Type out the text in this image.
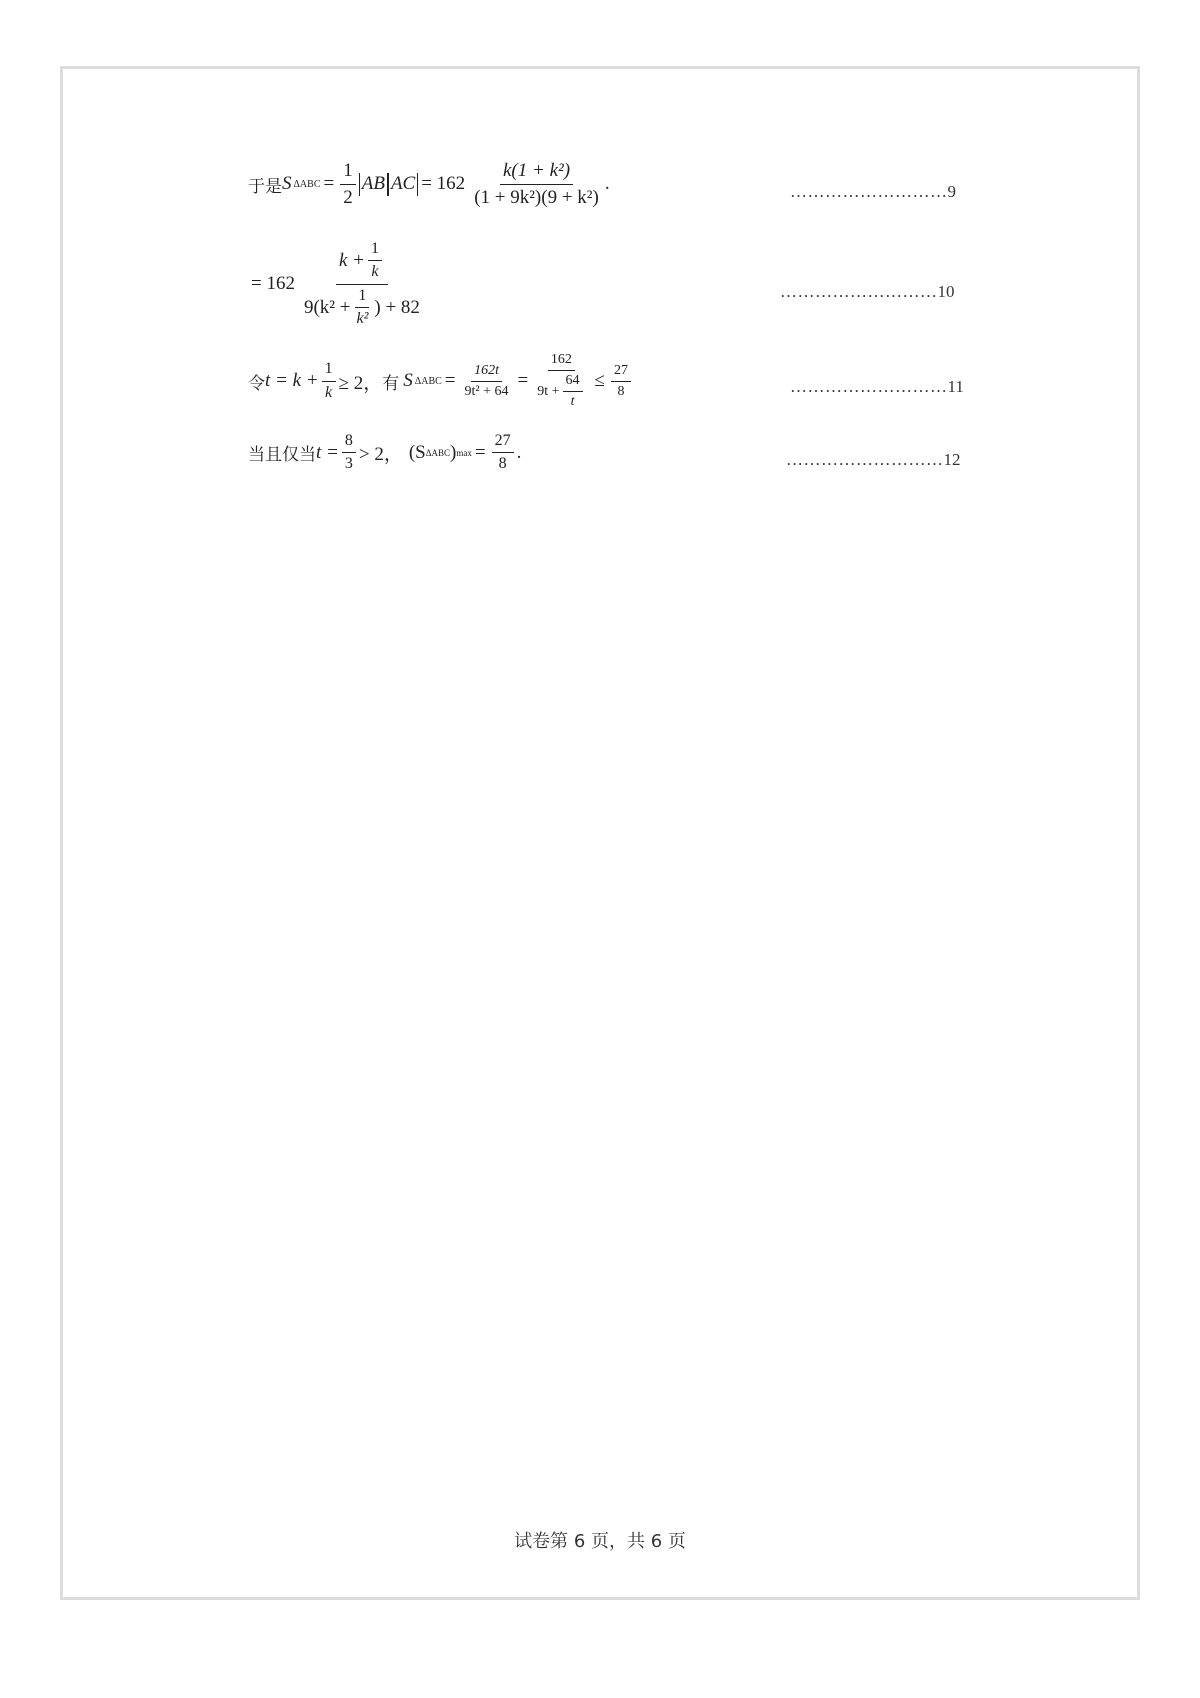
于是 S $\Delta ABC = \frac{1}{2}$ AB AC = $162 \frac{\text{k(1 + k²)}}{\text{(1 + 9k²)(9 + k²)}}$ .	………………………9
= $162 \frac{k + \frac{1}{k}}{9(k^2 + \frac{1}{\text{k²}} ) + 82}$	………………………10
令 $t = k + \frac{1}{k} \ge 2$， 有 S $\Delta ABC = \frac{162t}{\text{9t² + 64}} = \frac{162}{9t + \frac{64}{t}} \le \frac{27}{8}$	………………………11
当且仅当 $t = \frac{8}{3} > 2$， (S ΔABC ) $\max = \frac{27}{8}$ .	………………………12
试卷第 6 页，共 6 页
